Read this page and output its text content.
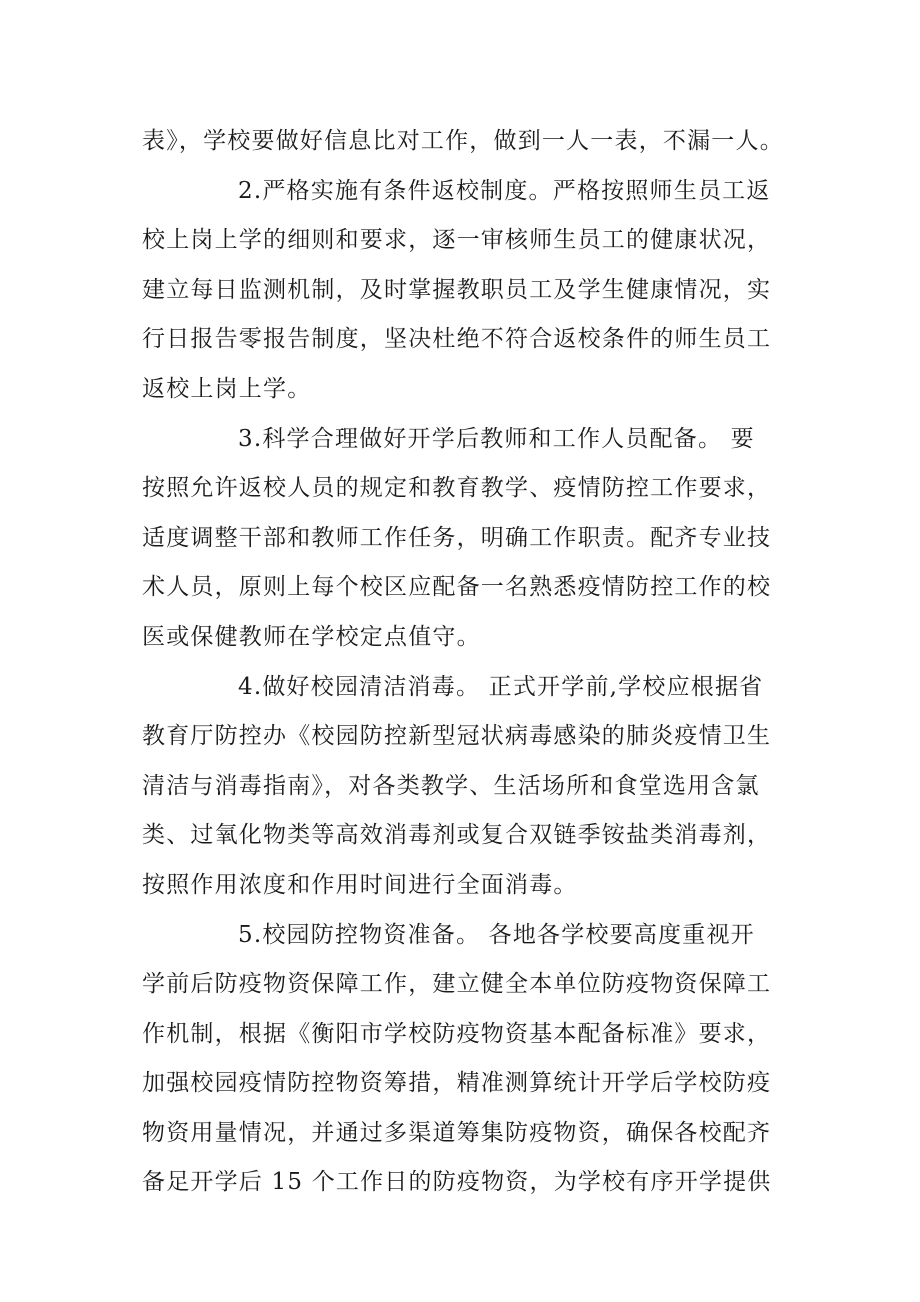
表》，学校要做好信息比对工作，做到一人一表，不漏一人。
2.严格实施有条件返校制度。严格按照师生员工返
校上岗上学的细则和要求，逐一审核师生员工的健康状况，
建立每日监测机制，及时掌握教职员工及学生健康情况，实
行日报告零报告制度，坚决杜绝不符合返校条件的师生员工
返校上岗上学。
3.科学合理做好开学后教师和工作人员配备。 要
按照允许返校人员的规定和教育教学、疫情防控工作要求，
适度调整干部和教师工作任务，明确工作职责。配齐专业技
术人员，原则上每个校区应配备一名熟悉疫情防控工作的校
医或保健教师在学校定点值守。
4.做好校园清洁消毒。 正式开学前,学校应根据省
教育厅防控办《校园防控新型冠状病毒感染的肺炎疫情卫生
清洁与消毒指南》，对各类教学、生活场所和食堂选用含氯
类、过氧化物类等高效消毒剂或复合双链季铵盐类消毒剂，
按照作用浓度和作用时间进行全面消毒。
5.校园防控物资准备。 各地各学校要高度重视开
学前后防疫物资保障工作，建立健全本单位防疫物资保障工
作机制，根据《衡阳市学校防疫物资基本配备标准》要求，
加强校园疫情防控物资筹措，精准测算统计开学后学校防疫
物资用量情况，并通过多渠道筹集防疫物资，确保各校配齐
备足开学后 15 个工作日的防疫物资，为学校有序开学提供
